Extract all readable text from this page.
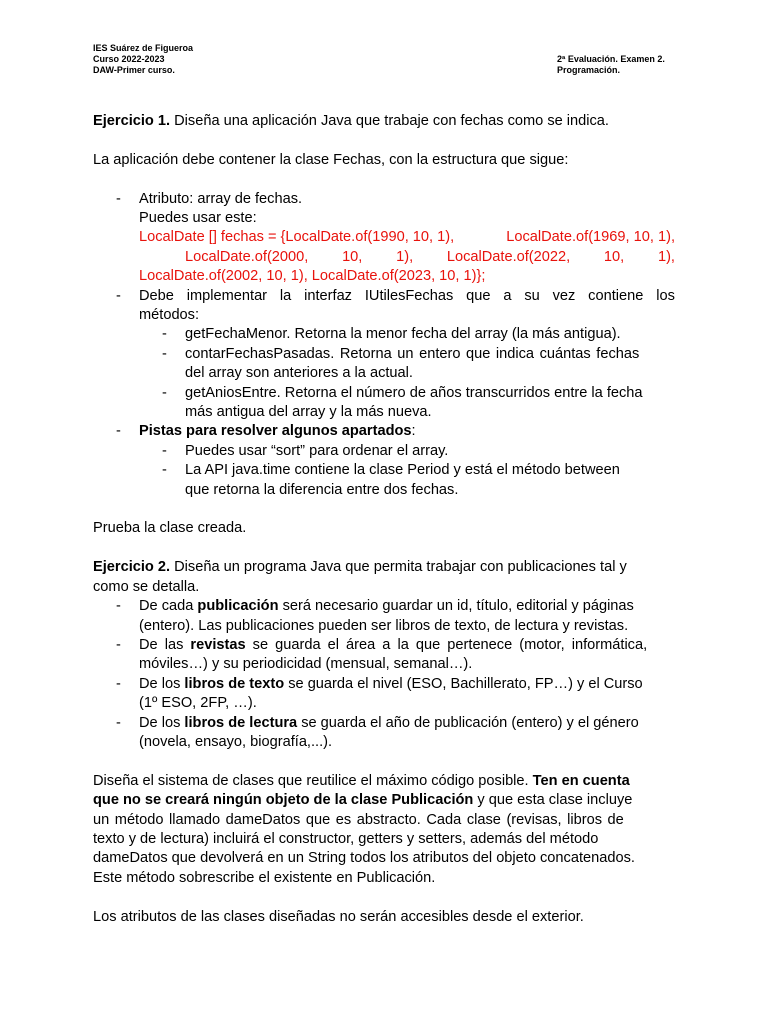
IES Suárez de Figueroa
Curso 2022-2023
DAW-Primer curso.
2ª Evaluación. Examen 2.
Programación.
Ejercicio 1. Diseña una aplicación Java que trabaje con fechas como se indica.
La aplicación debe contener la clase Fechas, con la estructura que sigue:
- Atributo: array de fechas.
Puedes usar este:
LocalDate [] fechas = {LocalDate.of(1990, 10, 1),	LocalDate.of(1969, 10, 1),
LocalDate.of(2000, 10, 1), LocalDate.of(2022, 10, 1),
LocalDate.of(2002, 10, 1), LocalDate.of(2023, 10, 1)};
- Debe implementar la interfaz IUtilesFechas que a su vez contiene los
métodos:
- getFechaMenor. Retorna la menor fecha del array (la más antigua).
- contarFechasPasadas. Retorna un entero que indica cuántas fechas
del array son anteriores a la actual.
- getAniosEntre. Retorna el número de años transcurridos entre la fecha
más antigua del array y la más nueva.
- Pistas para resolver algunos apartados:
- Puedes usar “sort” para ordenar el array.
- La API java.time contiene la clase Period y está el método between
que retorna la diferencia entre dos fechas.
Prueba la clase creada.
Ejercicio 2. Diseña un programa Java que permita trabajar con publicaciones tal y
como se detalla.
- De cada publicación será necesario guardar un id, título, editorial y páginas
(entero). Las publicaciones pueden ser libros de texto, de lectura y revistas.
- De las revistas se guarda el área a la que pertenece (motor, informática,
móviles…) y su periodicidad (mensual, semanal…).
- De los libros de texto se guarda el nivel (ESO, Bachillerato, FP…) y el Curso
(1º ESO, 2FP, …).
- De los libros de lectura se guarda el año de publicación (entero) y el género
(novela, ensayo, biografía,...).
Diseña el sistema de clases que reutilice el máximo código posible. Ten en cuenta
que no se creará ningún objeto de la clase Publicación y que esta clase incluye
un método llamado dameDatos que es abstracto. Cada clase (revisas, libros de
texto y de lectura) incluirá el constructor, getters y setters, además del método
dameDatos que devolverá en un String todos los atributos del objeto concatenados.
Este método sobrescribe el existente en Publicación.
Los atributos de las clases diseñadas no serán accesibles desde el exterior.
